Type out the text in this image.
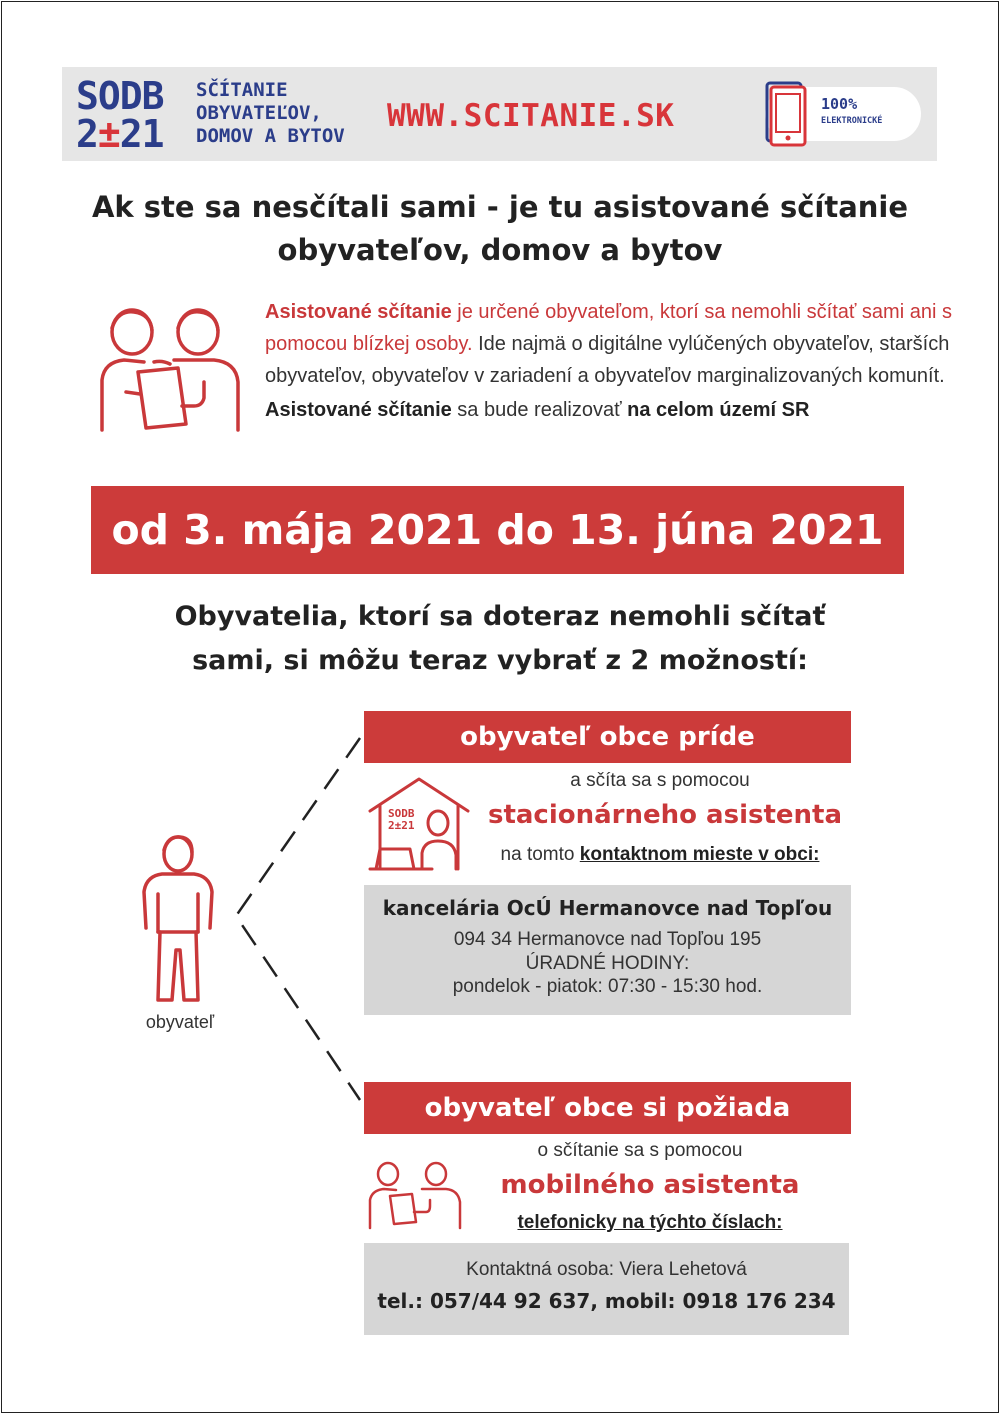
SODB
2±21
SČÍTANIE
OBYVATEĽOV,
DOMOV A BYTOV
WWW.SCITANIE.SK	100%
ELEKTRONICKÉ
Ak ste sa nesčítali sami - je tu asistované sčítanie
obyvateľov, domov a bytov

Asistované sčítanie je určené obyvateľom, ktorí sa nemohli sčítať sami ani s pomocou blízkej osoby. Ide najmä o digitálne vylúčených obyvateľov, starších obyvateľov, obyvateľov v zariadení a obyvateľov marginalizovaných komunít.

Asistované sčítanie sa bude realizovať na celom území SR

od 3. mája 2021 do 13. júna 2021
Obyvatelia, ktorí sa doteraz nemohli sčítať
sami, si môžu teraz vybrať z 2 možností:
obyvateľ
obyvateľ obce príde
SODB
2±21
a sčíta sa s pomocou
stacionárneho asistenta
na tomto kontaktnom mieste v obci:
kancelária OcÚ Hermanovce nad Topľou
094 34 Hermanovce nad Topľou 195
ÚRADNÉ HODINY:
pondelok - piatok: 07:30 - 15:30 hod.
obyvateľ obce si požiada
o sčítanie sa s pomocou
mobilného asistenta
telefonicky na týchto číslach:
Kontaktná osoba: Viera Lehetová
tel.: 057/44 92 637, mobil: 0918 176 234
